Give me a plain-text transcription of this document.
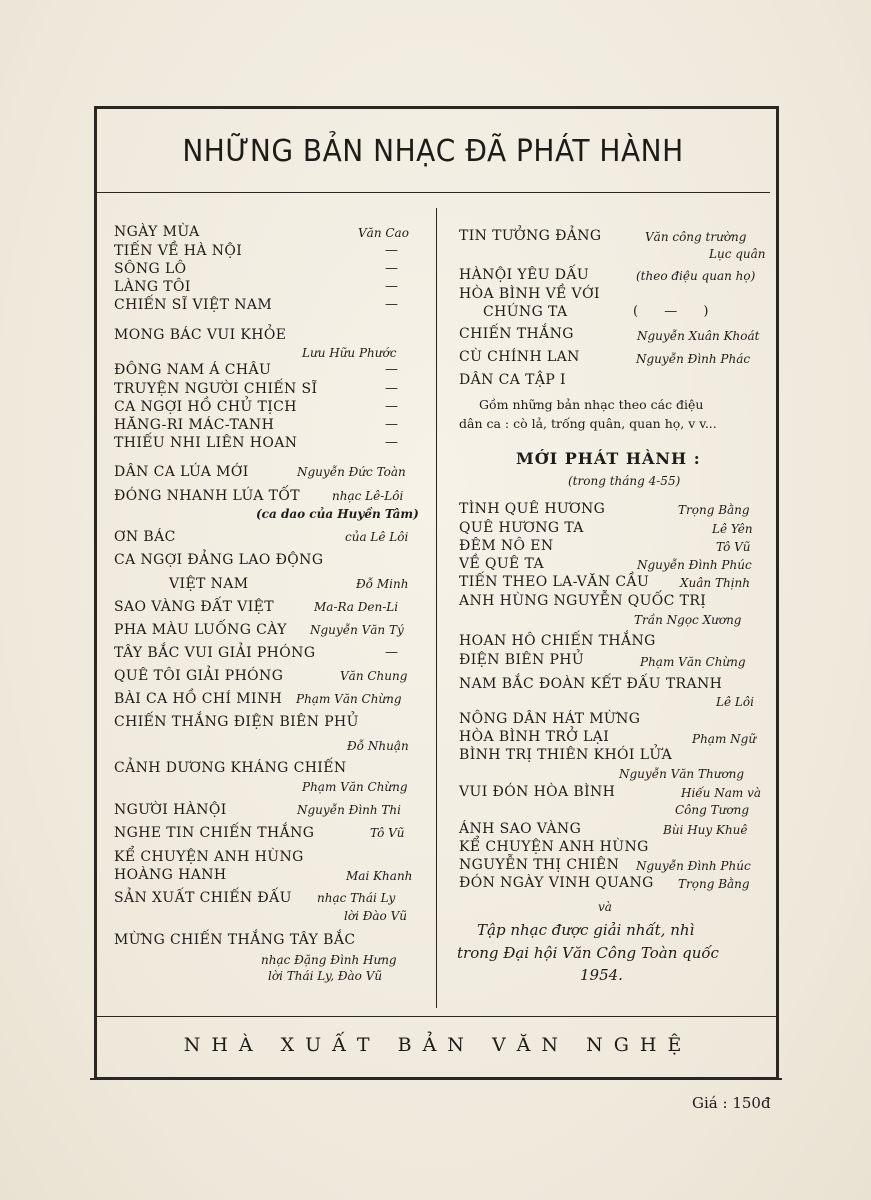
NHỮNG BẢN NHẠC ĐÃ PHÁT HÀNH
NGÀY MÙA	Văn Cao
TIẾN VỀ HÀ NỘI	—
SÔNG LÔ	—
LÀNG TÔI	—
CHIẾN SĨ VIỆT NAM	—
MONG BÁC VUI KHỎE
Lưu Hữu Phước
ĐÔNG NAM Á CHÂU	—
TRUYỆN NGƯỜI CHIẾN SĨ	—
CA NGỢI HỒ CHỦ TỊCH	—
HĂNG-RI MÁC-TANH	—
THIẾU NHI LIÊN HOAN	—
DÂN CA LÚA MỚI	Nguyễn Đức Toàn
ĐÓNG NHANH LÚA TỐT	nhạc Lê-Lôi
(ca dao của Huyền Tâm)
ƠN BÁC	của Lê Lôi
CA NGỢI ĐẢNG LAO ĐỘNG
VIỆT NAM	Đỗ Minh
SAO VÀNG ĐẤT VIỆT	Ma-Ra Den-Li
PHA MÀU LUỐNG CÀY Nguyễn Văn Tý
TÂY BẮC VUI GIẢI PHÓNG	—
QUÊ TÔI GIẢI PHÓNG	Văn Chung
BÀI CA HỒ CHÍ MINH Phạm Văn Chừng
CHIẾN THẮNG ĐIỆN BIÊN PHỦ
Đỗ Nhuận
CẢNH DƯƠNG KHÁNG CHIẾN
Phạm Văn Chừng
NGƯỜI HÀNỘI	Nguyễn Đình Thi
NGHE TIN CHIẾN THẮNG	Tô Vũ
KỂ CHUYỆN ANH HÙNG
HOÀNG HANH	Mai Khanh
SẢN XUẤT CHIẾN ĐẤU nhạc Thái Ly
lời Đào Vũ
MỪNG CHIẾN THẮNG TÂY BẮC
nhạc Đặng Đình Hưng
lời Thái Ly, Đào Vũ
TIN TƯỞNG ĐẢNG	Văn công trường
Lục quân
HÀNỘI YÊU DẤU	(theo điệu quan họ)
HÒA BÌNH VỀ VỚI
CHÚNG TA	( — )
CHIẾN THẮNG	Nguyễn Xuân Khoát
CÙ CHÍNH LAN	Nguyễn Đình Phác
DÂN CA TẬP I
Gồm những bản nhạc theo các điệu
dân ca : cò lả, trống quân, quan họ, v v...
MỚI PHÁT HÀNH :
(trong tháng 4-55)
TÌNH QUÊ HƯƠNG	Trọng Bằng
QUÊ HƯƠNG TA	Lê Yên
ĐÊM NÔ EN	Tô Vũ
VỀ QUÊ TA	Nguyễn Đình Phúc
TIẾN THEO LA-VĂN CẦU	Xuân Thịnh
ANH HÙNG NGUYỄN QUỐC TRỊ
Trần Ngọc Xương
HOAN HÔ CHIẾN THẮNG
ĐIỆN BIÊN PHỦ	Phạm Văn Chừng
NAM BẮC ĐOÀN KẾT ĐẤU TRANH
Lê Lôi
NÔNG DÂN HÁT MỪNG
HÒA BÌNH TRỞ LẠI	Phạm Ngữ
BÌNH TRỊ THIÊN KHÓI LỬA
Nguyễn Văn Thương
VUI ĐÓN HÒA BÌNH	Hiếu Nam và
Công Tương
ÁNH SAO VÀNG	Bùi Huy Khuê
KỂ CHUYỆN ANH HÙNG
NGUYỄN THỊ CHIÊN Nguyễn Đình Phúc
ĐÓN NGÀY VINH QUANG Trọng Bằng
và
Tập nhạc được giải nhất, nhì
trong Đại hội Văn Công Toàn quốc
1954.
NHÀ XUẤT BẢN VĂN NGHỆ
Giá : 150đ
